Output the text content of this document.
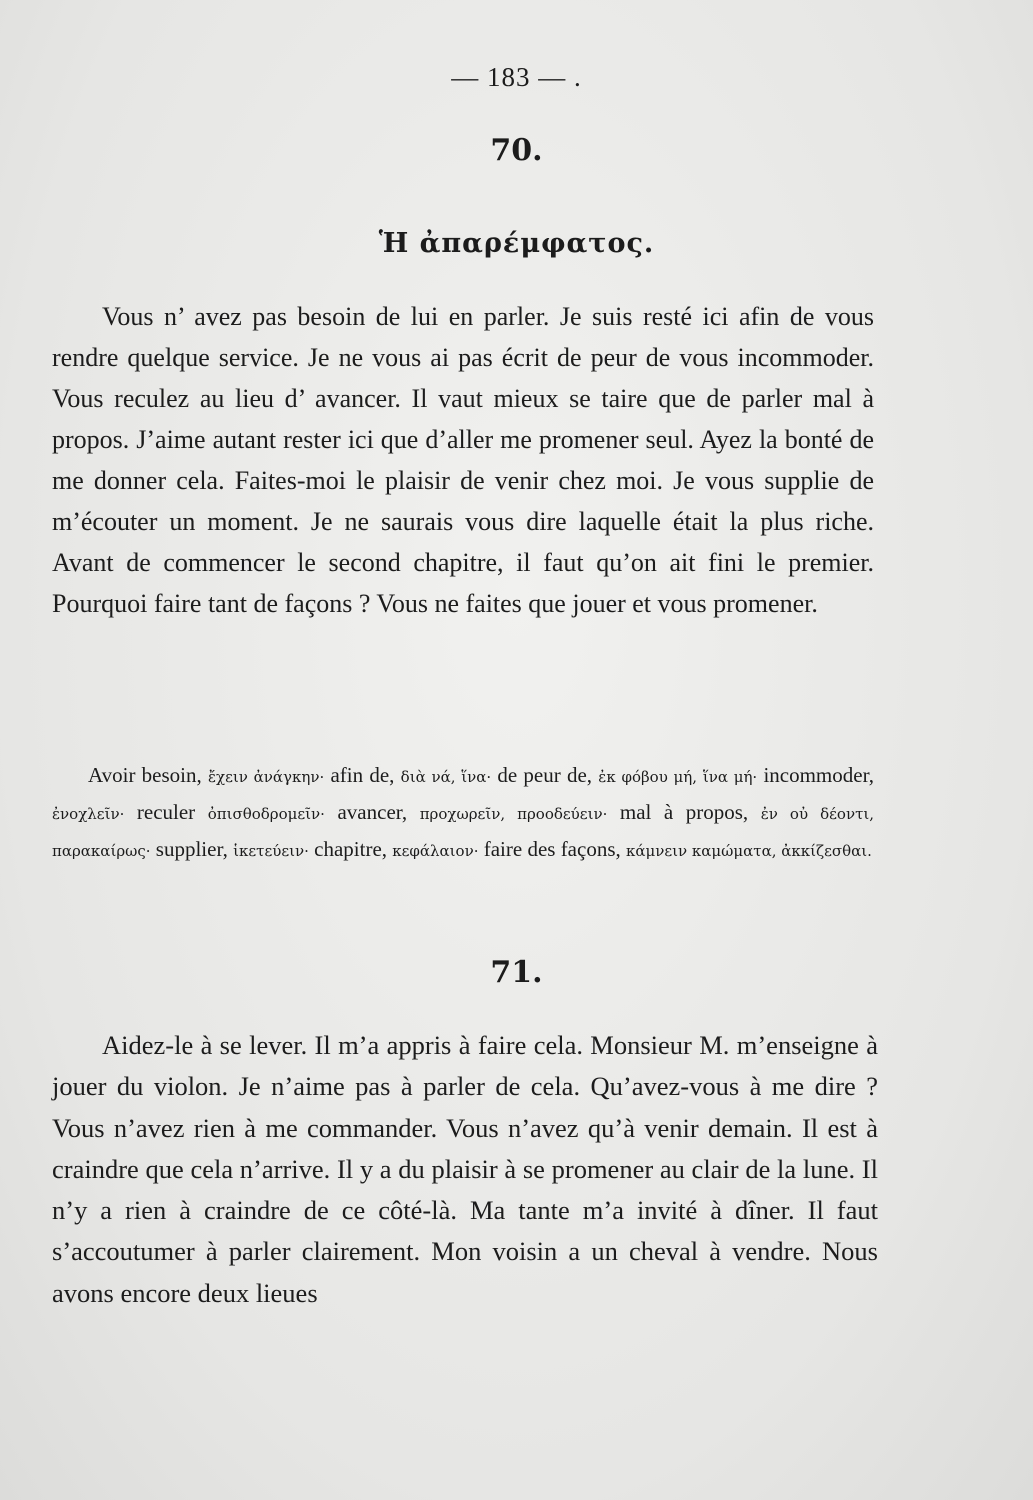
— 183 — .
70.
Ἡ ἀπαρέμφατος.

Vous n’ avez pas besoin de lui en parler. Je suis resté ici afin de vous rendre quelque service. Je ne vous ai pas écrit de peur de vous incommoder. Vous reculez au lieu d’ avancer. Il vaut mieux se taire que de parler mal à propos. J’aime autant rester ici que d’aller me promener seul. Ayez la bonté de me donner cela. Faites-moi le plaisir de venir chez moi. Je vous supplie de m’écouter un moment. Je ne saurais vous dire laquelle était la plus riche. Avant de commencer le second chapitre, il faut qu’on ait fini le premier. Pourquoi faire tant de façons ? Vous ne faites que jouer et vous promener.

Avoir besoin, ἔχειν ἀνάγκην· afin de, διὰ νά, ἵνα· de peur de, ἐκ φόβου μή, ἵνα μή· incommoder, ἐνοχλεῖν· reculer ὀπισθοδρομεῖν· avancer, προχωρεῖν, προοδεύειν· mal à propos, ἐν οὐ δέοντι, παρακαίρως· supplier, ἱκετεύειν· chapitre, κεφάλαιον· faire des façons, κάμνειν καμώματα, ἀκκίζεσθαι.

71.

Aidez-le à se lever. Il m’a appris à faire cela. Monsieur M. m’enseigne à jouer du violon. Je n’aime pas à parler de cela. Qu’avez-vous à me dire ? Vous n’avez rien à me commander. Vous n’avez qu’à venir demain. Il est à craindre que cela n’arrive. Il y a du plaisir à se promener au clair de la lune. Il n’y a rien à craindre de ce côté-là. Ma tante m’a invité à dîner. Il faut s’accoutumer à parler clairement. Mon voisin a un cheval à vendre. Nous avons encore deux lieues
